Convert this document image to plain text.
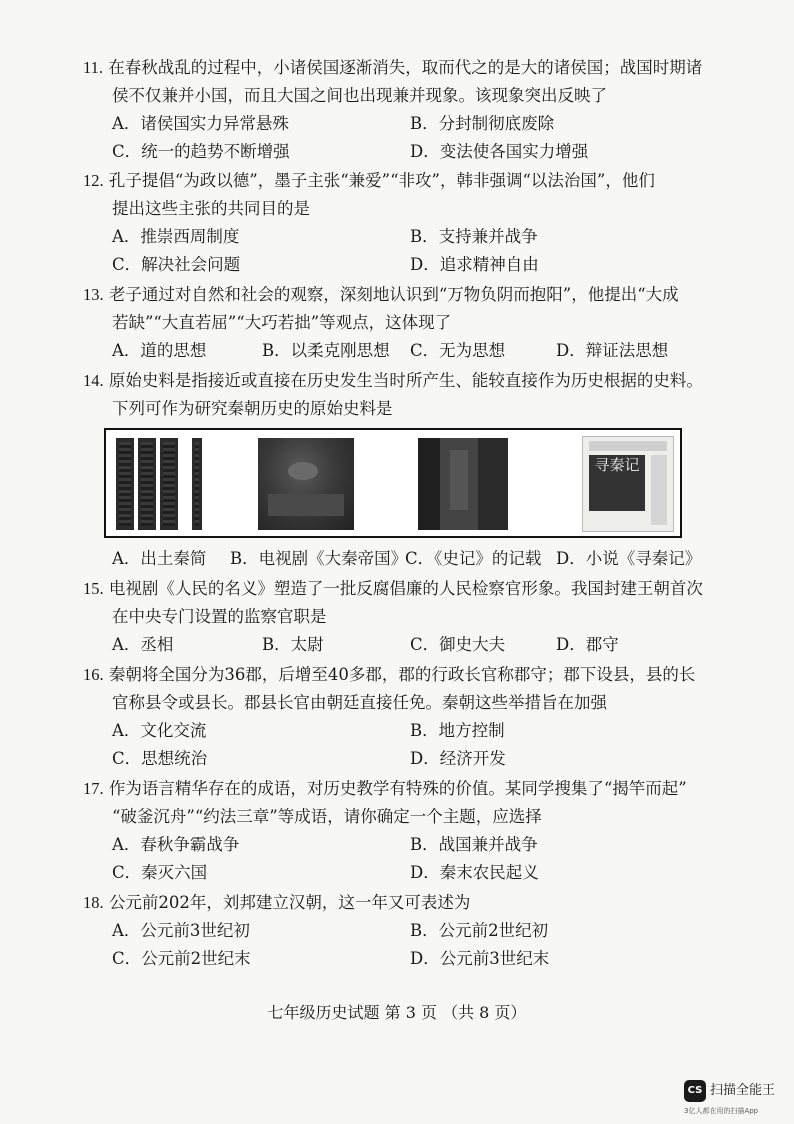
11. 在春秋战乱的过程中，小诸侯国逐渐消失，取而代之的是大的诸侯国；战国时期诸
侯不仅兼并小国，而且大国之间也出现兼并现象。该现象突出反映了
A．诸侯国实力异常悬殊	B．分封制彻底废除
C．统一的趋势不断增强	D．变法使各国实力增强
12. 孔子提倡“为政以德”，墨子主张“兼爱”“非攻”，韩非强调“以法治国”，他们
提出这些主张的共同目的是
A．推崇西周制度	B．支持兼并战争
C．解决社会问题	D．追求精神自由
13. 老子通过对自然和社会的观察，深刻地认识到“万物负阴而抱阳”，他提出“大成
若缺”“大直若屈”“大巧若拙”等观点，这体现了
A．道的思想	B．以柔克刚思想 C．无为思想	D．辩证法思想
14. 原始史料是指接近或直接在历史发生当时所产生、能较直接作为历史根据的史料。
下列可作为研究秦朝历史的原始史料是
寻秦记
A．出土秦简 B．电视剧《大秦帝国》
C．《史记》的记载 D．小说《寻秦记》
15. 电视剧《人民的名义》塑造了一批反腐倡廉的人民检察官形象。我国封建王朝首次
在中央专门设置的监察官职是
A．丞相	B．太尉	C．御史大夫	D．郡守
16. 秦朝将全国分为36郡，后增至40多郡，郡的行政长官称郡守；郡下设县，县的长
官称县令或县长。郡县长官由朝廷直接任免。秦朝这些举措旨在加强
A．文化交流	B．地方控制
C．思想统治	D．经济开发
17. 作为语言精华存在的成语，对历史教学有特殊的价值。某同学搜集了“揭竿而起”
“破釜沉舟”“约法三章”等成语，请你确定一个主题，应选择
A．春秋争霸战争	B．战国兼并战争
C．秦灭六国	D．秦末农民起义
18. 公元前202年，刘邦建立汉朝，这一年又可表述为
A．公元前3世纪初	B．公元前2世纪初
C．公元前2世纪末	D．公元前3世纪末
七年级历史试题 第 3 页 （共 8 页）
CS 扫描全能王
3亿人都在用的扫描App
